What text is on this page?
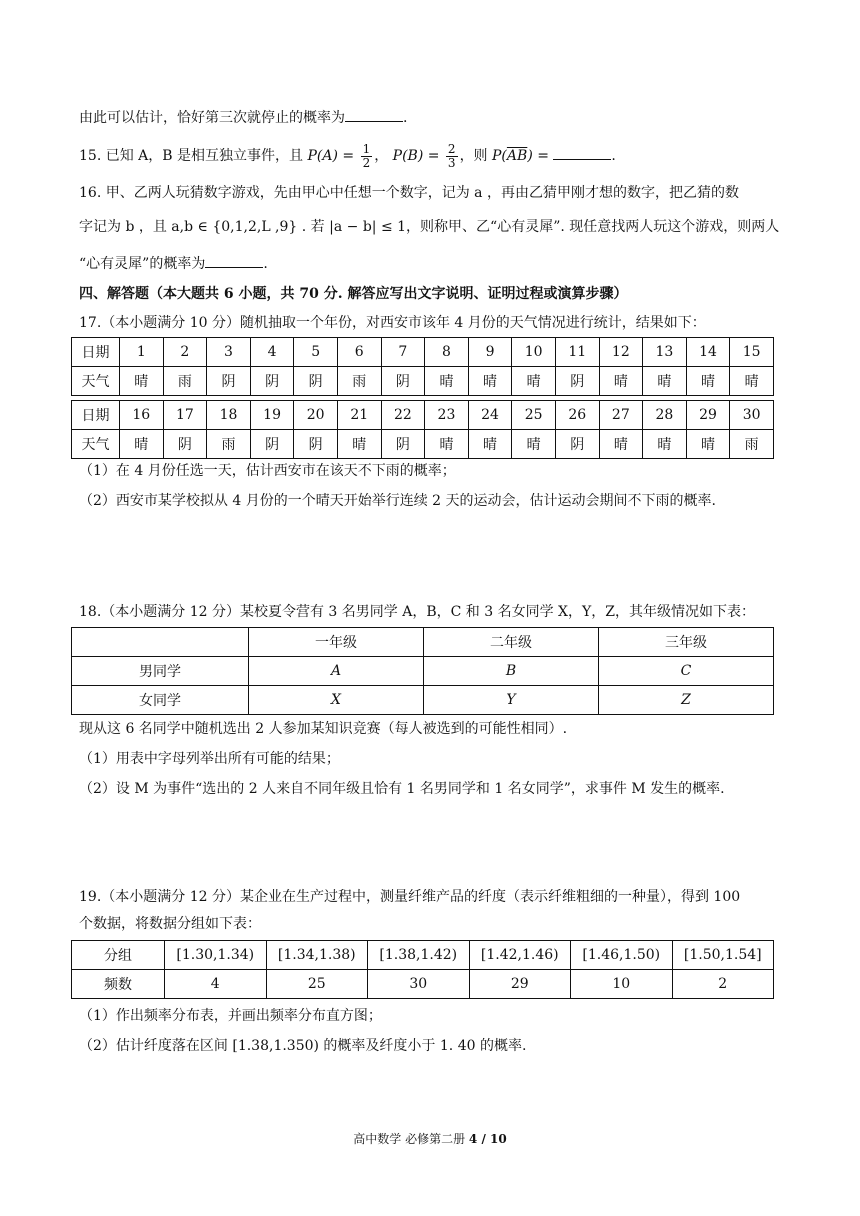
由此可以估计，恰好第三次就停止的概率为	.
15. 已知 A，B 是相互独立事件，且 $P(A) = \frac{1}{2}$ ， $P(B) = \frac{2}{3}$ ，则 $P(\overline{AB})$ =	.
16. 甲、乙两人玩猜数字游戏，先由甲心中任想一个数字，记为 a ，再由乙猜甲刚才想的数字，把乙猜的数
字记为 b ，且 a,b ∈ {0,1,2,L ,9} . 若 |a − b| ≤ 1，则称甲、乙“心有灵犀”. 现任意找两人玩这个游戏，则两人
“心有灵犀”的概率为	.
四、解答题（本大题共 6 小题，共 70 分. 解答应写出文字说明、证明过程或演算步骤）
17.（本小题满分 10 分）随机抽取一个年份，对西安市该年 4 月份的天气情况进行统计，结果如下：
日期	1	2	3	4	5	6	7	8	9	10	11	12	13	14	15
天气	晴	雨	阴	阴	阴	雨	阴	晴	晴	晴	阴	晴	晴	晴	晴
日期	16	17	18	19	20	21	22	23	24	25	26	27	28	29	30
天气	晴	阴	雨	阴	阴	晴	阴	晴	晴	晴	阴	晴	晴	晴	雨
（1）在 4 月份任选一天，估计西安市在该天不下雨的概率；
（2）西安市某学校拟从 4 月份的一个晴天开始举行连续 2 天的运动会，估计运动会期间不下雨的概率.
18.（本小题满分 12 分）某校夏令营有 3 名男同学 A，B，C 和 3 名女同学 X，Y，Z，其年级情况如下表：
	一年级	二年级	三年级
男同学	A	B	C
女同学	X	Y	Z
现从这 6 名同学中随机选出 2 人参加某知识竞赛（每人被选到的可能性相同）.
（1）用表中字母列举出所有可能的结果；
（2）设 M 为事件“选出的 2 人来自不同年级且恰有 1 名男同学和 1 名女同学”，求事件 M 发生的概率.
19.（本小题满分 12 分）某企业在生产过程中，测量纤维产品的纤度（表示纤维粗细的一种量），得到 100
个数据，将数据分组如下表：
分组	[1.30,1.34)	[1.34,1.38)	[1.38,1.42)	[1.42,1.46)	[1.46,1.50)	[1.50,1.54]
频数	4	25	30	29	10	2
（1）作出频率分布表，并画出频率分布直方图；
（2）估计纤度落在区间 [1.38,1.350) 的概率及纤度小于 1. 40 的概率.
高中数学 必修第二册 4 / 10
